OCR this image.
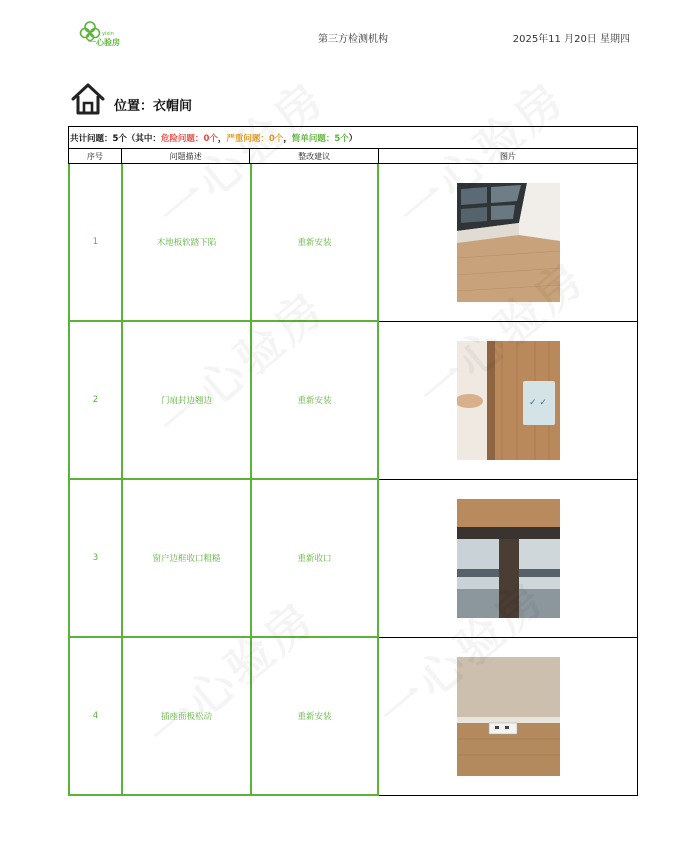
yixin
一心验房	第三方检测机构	2025年11 月20日 星期四
位置：衣帽间
共计问题：5个（其中： 危险问题： 0个 ， 严重问题： 0个 ， 简单问题： 5个 ）
序号	问题描述	整改建议	图片
1	木地板软踏下陷	重新安装
2	门扇封边翘边	重新安装	✓ ✓
3	窗户边框收口粗糙	重新收口
4	插座面板松动	重新安装
